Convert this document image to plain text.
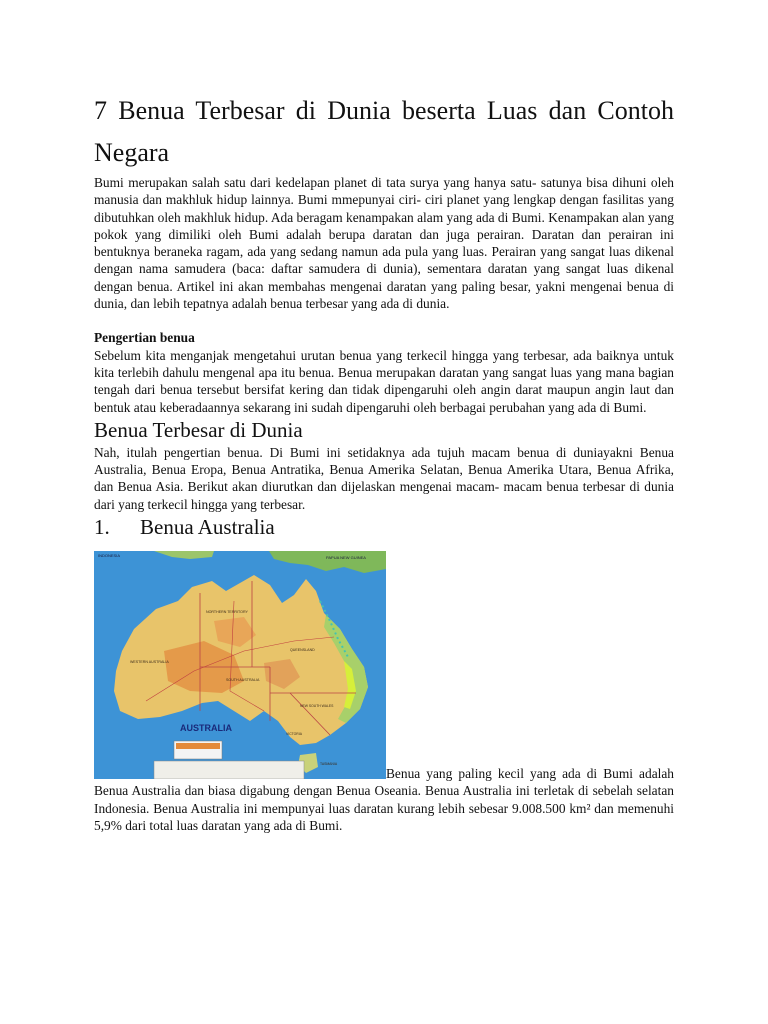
7 Benua Terbesar di Dunia beserta Luas dan Contoh Negara

Bumi merupakan salah satu dari kedelapan planet di tata surya yang hanya satu- satunya bisa dihuni oleh manusia dan makhluk hidup lainnya. Bumi mmepunyai ciri- ciri planet yang lengkap dengan fasilitas yang dibutuhkan oleh makhluk hidup. Ada beragam kenampakan alam yang ada di Bumi. Kenampakan alan yang pokok yang dimiliki oleh Bumi adalah berupa daratan dan juga perairan. Daratan dan perairan ini bentuknya beraneka ragam, ada yang sedang namun ada pula yang luas. Perairan yang sangat luas dikenal dengan nama samudera (baca: daftar samudera di dunia), sementara daratan yang sangat luas dikenal dengan benua. Artikel ini akan membahas mengenai daratan yang paling besar, yakni mengenai benua di dunia, dan lebih tepatnya adalah benua terbesar yang ada di dunia.

Pengertian benua

Sebelum kita menganjak mengetahui urutan benua yang terkecil hingga yang terbesar, ada baiknya untuk kita terlebih dahulu mengenal apa itu benua. Benua merupakan daratan yang sangat luas yang mana bagian tengah dari benua tersebut bersifat kering dan tidak dipengaruhi oleh angin darat maupun angin laut dan bentuk atau keberadaannya sekarang ini sudah dipengaruhi oleh berbagai perubahan yang ada di Bumi.

Benua Terbesar di Dunia

Nah, itulah pengertian benua. Di Bumi ini setidaknya ada tujuh macam benua di duniayakni Benua Australia, Benua Eropa, Benua Antratika, Benua Amerika Selatan, Benua Amerika Utara, Benua Afrika, dan Benua Asia. Berikut akan diurutkan dan dijelaskan mengenai macam- macam benua terbesar di dunia dari yang terkecil hingga yang terbesar.

1.	Benua Australia
AUSTRALIA
INDONESIA	PAPUA NEW GUINEA
NORTHERN TERRITORY
WESTERN AUSTRALIA
QUEENSLAND
SOUTH AUSTRALIA
NEW SOUTH WALES
VICTORIA
TASMANIA

Benua yang paling kecil yang ada di Bumi adalah Benua Australia dan biasa digabung dengan Benua Oseania. Benua Australia ini terletak di sebelah selatan Indonesia. Benua Australia ini mempunyai luas daratan kurang lebih sebesar 9.008.500 km² dan memenuhi 5,9% dari total luas daratan yang ada di Bumi.
